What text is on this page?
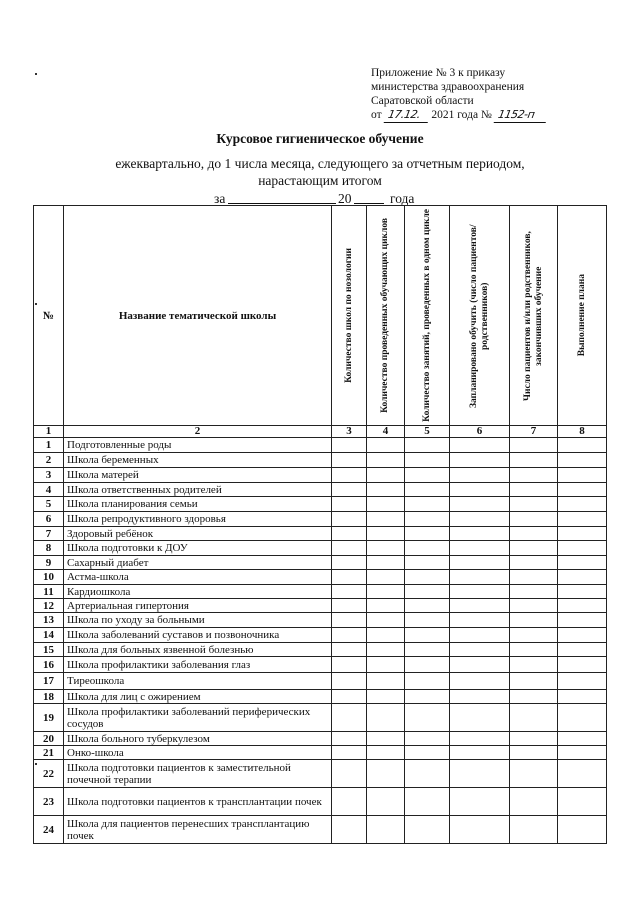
Приложение № 3 к приказу
министерства здравоохранения
Саратовской области
от 17.12. 2021 года № 1152-п
Курсовое гигиеническое обучение
ежеквартально, до 1 числа месяца, следующего за отчетным периодом,
нарастающим итогом
за	20	года
№	Название тематической школы	Количество школ по нозологии	Количество проведенных обучающих циклов	Количество занятий, проведенных в одном цикле	Запланировано обучить (число пациентов/родственников)	Число пациентов и/или родственников, закончивших обучение	Выполнение плана

1	2	3	4	5	6	7	8
1	Подготовленные роды						
2	Школа беременных						
3	Школа матерей						
4	Школа ответственных родителей						
5	Школа планирования семьи						
6	Школа репродуктивного здоровья						
7	Здоровый ребёнок						
8	Школа подготовки к ДОУ						
9	Сахарный диабет						
10	Астма-школа						
11	Кардиошкола						
12	Артериальная гипертония						
13	Школа по уходу за больными						
14	Школа заболеваний суставов и позвоночника						
15	Школа для больных язвенной болезнью						
16	Школа профилактики заболевания глаз						
17	Тиреошкола						
18	Школа для лиц с ожирением						
19	Школа профилактики заболеваний периферических сосудов						
20	Школа больного туберкулезом						
21	Онко-школа						
22	Школа подготовки пациентов к заместительной почечной терапии						
23	Школа подготовки пациентов к трансплантации почек						
24	Школа для пациентов перенесших трансплантацию почек						
